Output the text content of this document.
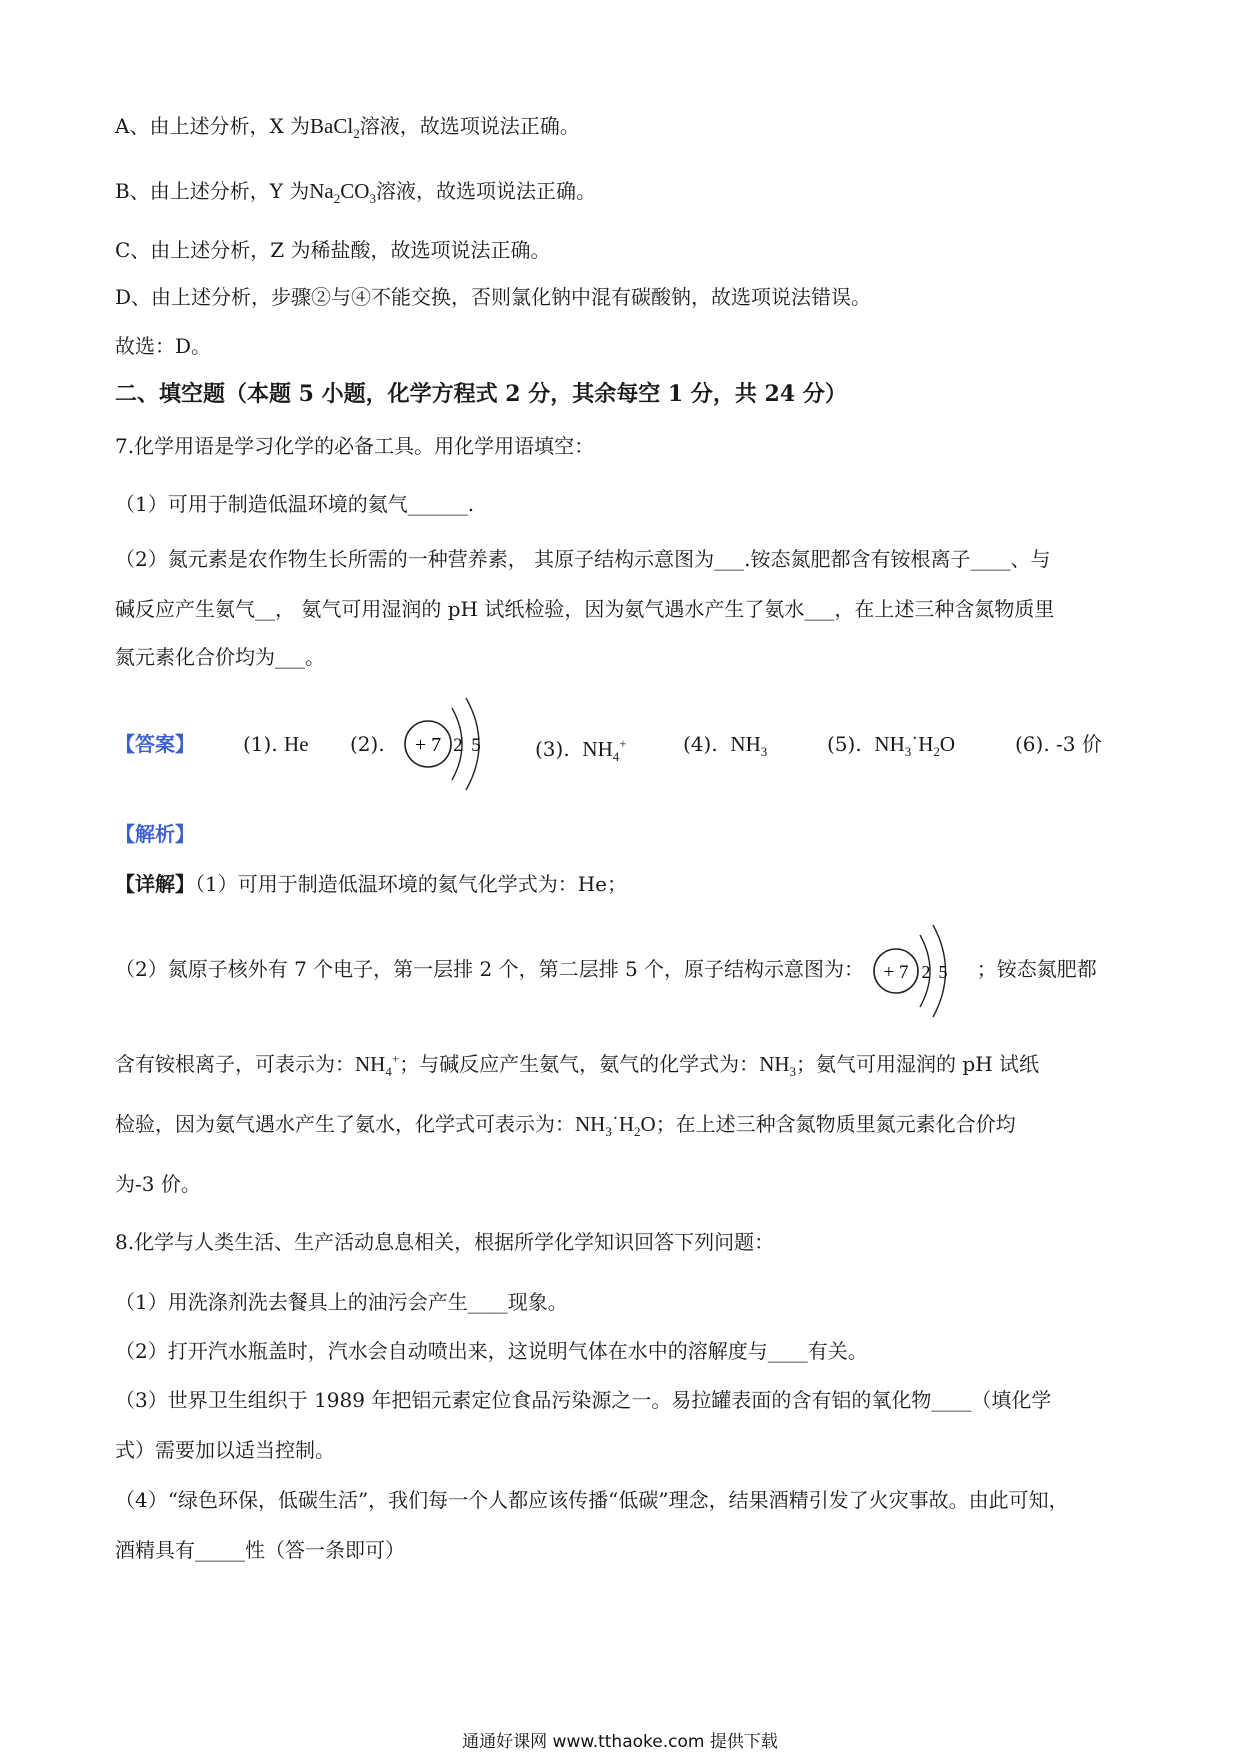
A、由上述分析，X 为BaCl$_2$溶液，故选项说法正确。
B、由上述分析，Y 为$Na_2CO_3$溶液，故选项说法正确。
C、由上述分析，Z 为稀盐酸，故选项说法正确。
D、由上述分析，步骤②与④不能交换，否则氯化钠中混有碳酸钠，故选项说法错误。
故选：D。
二、填空题（本题 5 小题，化学方程式 2 分，其余每空 1 分，共 24 分）
7.化学用语是学习化学的必备工具。用化学用语填空：
（1）可用于制造低温环境的氦气______.
（2）氮元素是农作物生长所需的一种营养素， 其原子结构示意图为___.铵态氮肥都含有铵根离子____、与
碱反应产生氨气__， 氨气可用湿润的 pH 试纸检验，因为氨气遇水产生了氨水___，在上述三种含氮物质里
氮元素化合价均为___。
【答案】 (1). He (2). + 7 2 5	(3). $NH_4^+$	(4). $NH_3$	(5). $NH_3˙H_2O$	(6). -3 价
【解析】
【详解】（1）可用于制造低温环境的氦气化学式为：He；
（2）氮原子核外有 7 个电子，第一层排 2 个，第二层排 5 个，原子结构示意图为： + 7 2 5 ；铵态氮肥都
含有铵根离子，可表示为：$NH_4^+$；与碱反应产生氨气，氨气的化学式为：$NH_3$；氨气可用湿润的 pH 试纸
检验，因为氨气遇水产生了氨水，化学式可表示为：$NH_3˙H_2O$；在上述三种含氮物质里氮元素化合价均
为-3 价。
8.化学与人类生活、生产活动息息相关，根据所学化学知识回答下列问题：
（1）用洗涤剂洗去餐具上的油污会产生____现象。
（2）打开汽水瓶盖时，汽水会自动喷出来，这说明气体在水中的溶解度与____有关。
（3）世界卫生组织于 1989 年把铝元素定位食品污染源之一。易拉罐表面的含有铝的氧化物____（填化学
式）需要加以适当控制。
（4）“绿色环保，低碳生活”，我们每一个人都应该传播“低碳”理念，结果酒精引发了火灾事故。由此可知，
酒精具有_____性（答一条即可）
通通好课网 www.tthaoke.com 提供下载
